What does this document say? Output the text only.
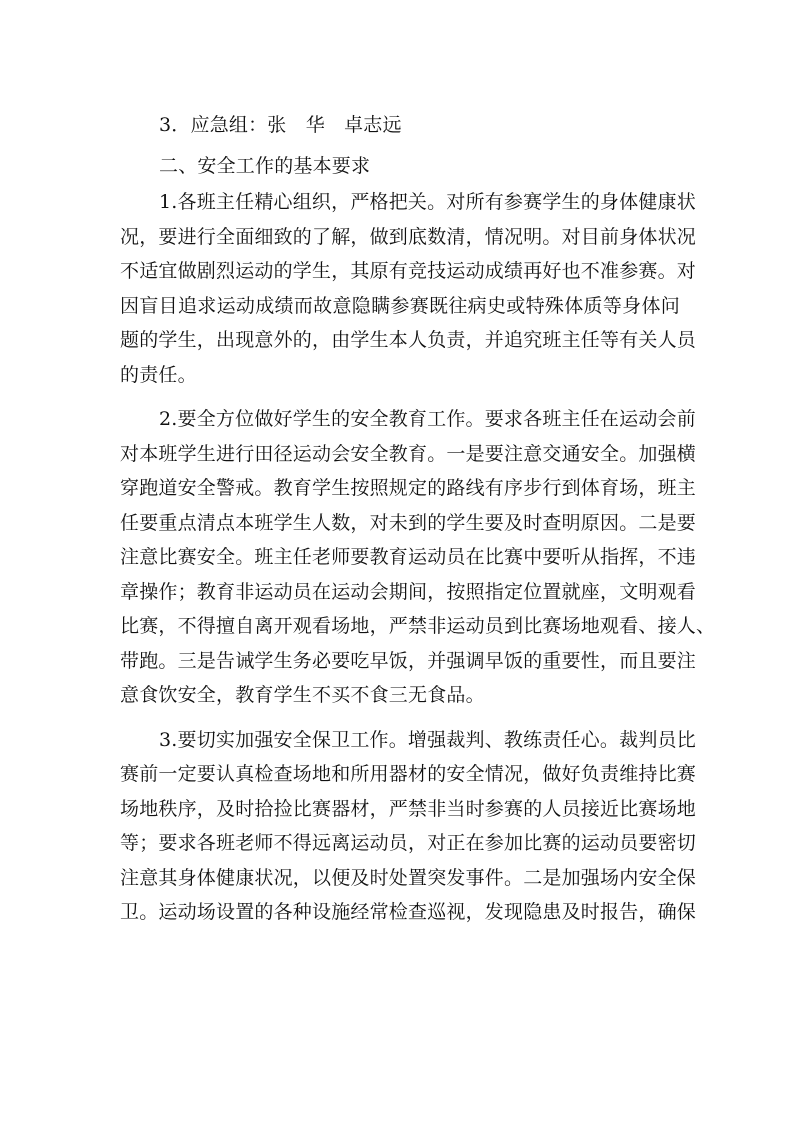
3．应急组：张　华　卓志远
二、安全工作的基本要求
1.各班主任精心组织，严格把关。对所有参赛学生的身体健康状
况，要进行全面细致的了解，做到底数清，情况明。对目前身体状况
不适宜做剧烈运动的学生，其原有竞技运动成绩再好也不准参赛。对
因盲目追求运动成绩而故意隐瞒参赛既往病史或特殊体质等身体问
题的学生，出现意外的，由学生本人负责，并追究班主任等有关人员
的责任。
2.要全方位做好学生的安全教育工作。要求各班主任在运动会前
对本班学生进行田径运动会安全教育。一是要注意交通安全。加强横
穿跑道安全警戒。教育学生按照规定的路线有序步行到体育场，班主
任要重点清点本班学生人数，对未到的学生要及时查明原因。二是要
注意比赛安全。班主任老师要教育运动员在比赛中要听从指挥，不违
章操作；教育非运动员在运动会期间，按照指定位置就座，文明观看
比赛，不得擅自离开观看场地，严禁非运动员到比赛场地观看、接人、
带跑。三是告诫学生务必要吃早饭，并强调早饭的重要性，而且要注
意食饮安全，教育学生不买不食三无食品。
3.要切实加强安全保卫工作。增强裁判、教练责任心。裁判员比
赛前一定要认真检查场地和所用器材的安全情况，做好负责维持比赛
场地秩序，及时拾捡比赛器材，严禁非当时参赛的人员接近比赛场地
等；要求各班老师不得远离运动员，对正在参加比赛的运动员要密切
注意其身体健康状况，以便及时处置突发事件。二是加强场内安全保
卫。运动场设置的各种设施经常检查巡视，发现隐患及时报告，确保
